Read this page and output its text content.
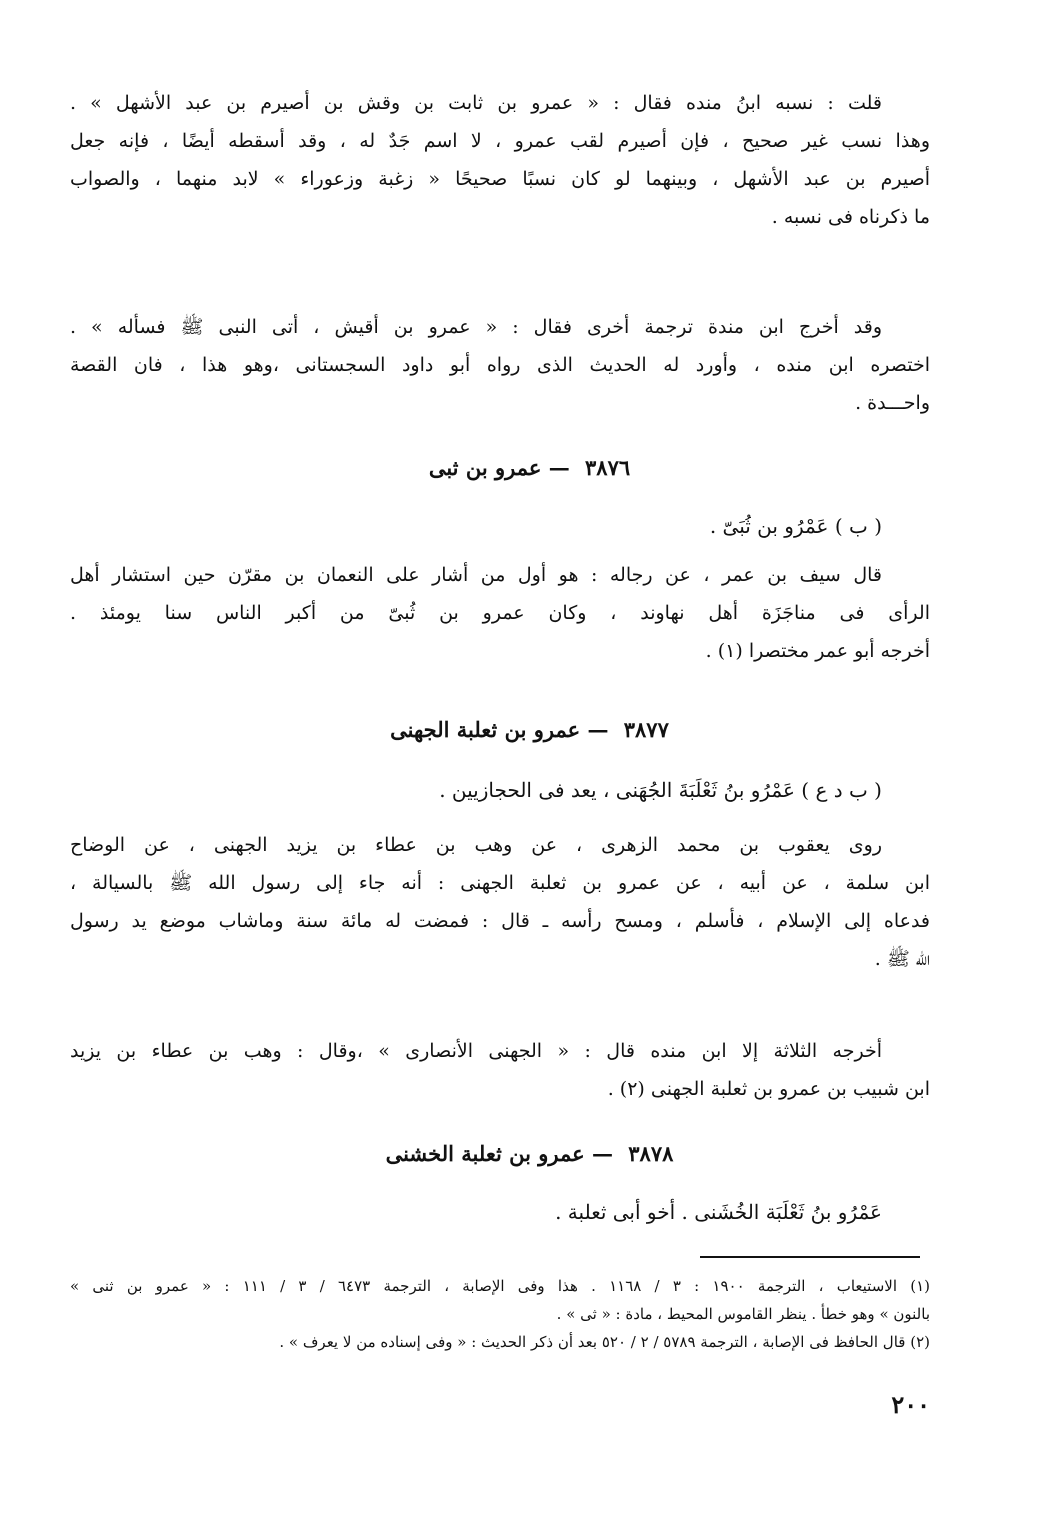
قلت : نسبه ابنُ منده فقال : « عمرو بن ثابت بن وقش بن أصيرم بن عبد الأشهل » .
وهذا نسب غير صحيح ، فإن أصيرم لقب عمرو ، لا اسم جَدٌ له ، وقد أسقطه أيضًا ، فإنه جعل
أصيرم بن عبد الأشهل ، وبينهما لو كان نسبًا صحيحًا « زغبة وزعوراء » لابد منهما ، والصواب
ما ذكرناه فى نسبه .
وقد أخرج ابن مندة ترجمة أخرى فقال : « عمرو بن أقيش ، أتى النبى ﷺ فسأله » .
اختصره ابن منده ، وأورد له الحديث الذى رواه أبو داود السجستانى ،وهو هذا ، فان القصة
واحـــدة .
٣٨٧٦ — عمرو بن ثبى
( ب ) عَمْرُو بن ثُبَىّ .
قال سيف بن عمر ، عن رجاله : هو أول من أشار على النعمان بن مقرّن حين استشار أهل
الرأى فى مناجَزَة أهل نهاوند ، وكان عمرو بن ثُبىّ من أكبر الناس سنا يومئذ .
أخرجه أبو عمر مختصرا (١) .
٣٨٧٧ — عمرو بن ثعلبة الجهنى
( ب د ع ) عَمْرُو بنُ ثَعْلَبَةَ الجُهَنى ، يعد فى الحجازيين .
روى يعقوب بن محمد الزهرى ، عن وهب بن عطاء بن يزيد الجهنى ، عن الوضاح
ابن سلمة ، عن أبيه ، عن عمرو بن ثعلبة الجهنى : أنه جاء إلى رسول الله ﷺ بالسيالة ،
فدعاه إلى الإسلام ، فأسلم ، ومسح رأسه ـ قال : فمضت له مائة سنة وماشاب موضع يد رسول
الله ﷺ .
أخرجه الثلاثة إلا ابن منده قال : « الجهنى الأنصارى » ،وقال : وهب بن عطاء بن يزيد
ابن شبيب بن عمرو بن ثعلبة الجهنى (٢) .
٣٨٧٨ — عمرو بن ثعلبة الخشنى
عَمْرُو بنُ ثَعْلَبَة الخُشَنى . أخو أبى ثعلبة .
(١) الاستيعاب ، الترجمة ١٩٠٠ : ٣ / ١١٦٨ . هذا وفى الإصابة ، الترجمة ٦٤٧٣ / ٣ / ١١١ : « عمرو بن ثنى »
بالنون » وهو خطأ . ينظر القاموس المحيط ، مادة : « ثى » .
(٢) قال الحافظ فى الإصابة ، الترجمة ٥٧٨٩ / ٢ / ٥٢٠ بعد أن ذكر الحديث : « وفى إسناده من لا يعرف » .
٢٠٠
